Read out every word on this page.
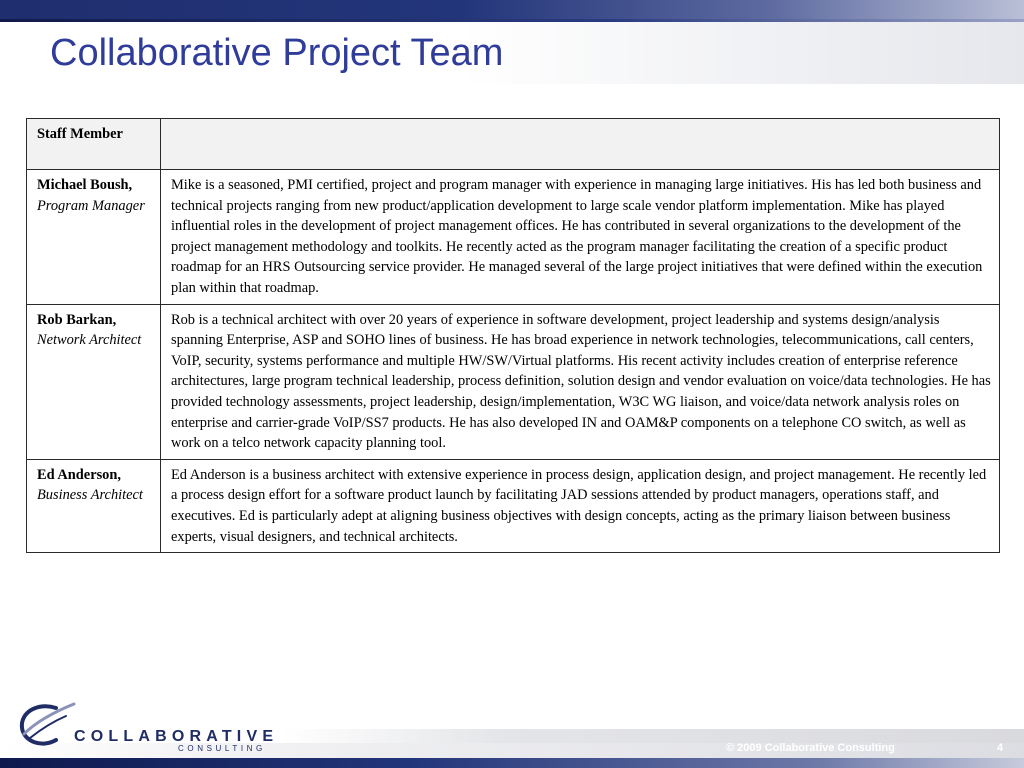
Collaborative Project Team
Staff Member	

Michael Boush,
Program Manager	Mike is a seasoned, PMI certified, project and program manager with experience in managing large initiatives. His has led both business and technical projects ranging from new product/application development to large scale vendor platform implementation. Mike has played influential roles in the development of project management offices. He has contributed in several organizations to the development of the project management methodology and toolkits. He recently acted as the program manager facilitating the creation of a specific product roadmap for an HRS Outsourcing service provider. He managed several of the large project initiatives that were defined within the execution plan within that roadmap.

Rob Barkan,
Network Architect	Rob is a technical architect with over 20 years of experience in software development, project leadership and systems design/analysis spanning Enterprise, ASP and SOHO lines of business. He has broad experience in network technologies, telecommunications, call centers, VoIP, security, systems performance and multiple HW/SW/Virtual platforms. His recent activity includes creation of enterprise reference architectures, large program technical leadership, process definition, solution design and vendor evaluation on voice/data technologies. He has provided technology assessments, project leadership, design/implementation, W3C WG liaison, and voice/data network analysis roles on enterprise and carrier-grade VoIP/SS7 products. He has also developed IN and OAM&P components on a telephone CO switch, as well as work on a telco network capacity planning tool.

Ed Anderson,
Business Architect	Ed Anderson is a business architect with extensive experience in process design, application design, and project management. He recently led a process design effort for a software product launch by facilitating JAD sessions attended by product managers, operations staff, and executives. Ed is particularly adept at aligning business objectives with design concepts, acting as the primary liaison between business experts, visual designers, and technical architects.
COLLABORATIVE
CONSULTING	© 2009 Collaborative Consulting	4
